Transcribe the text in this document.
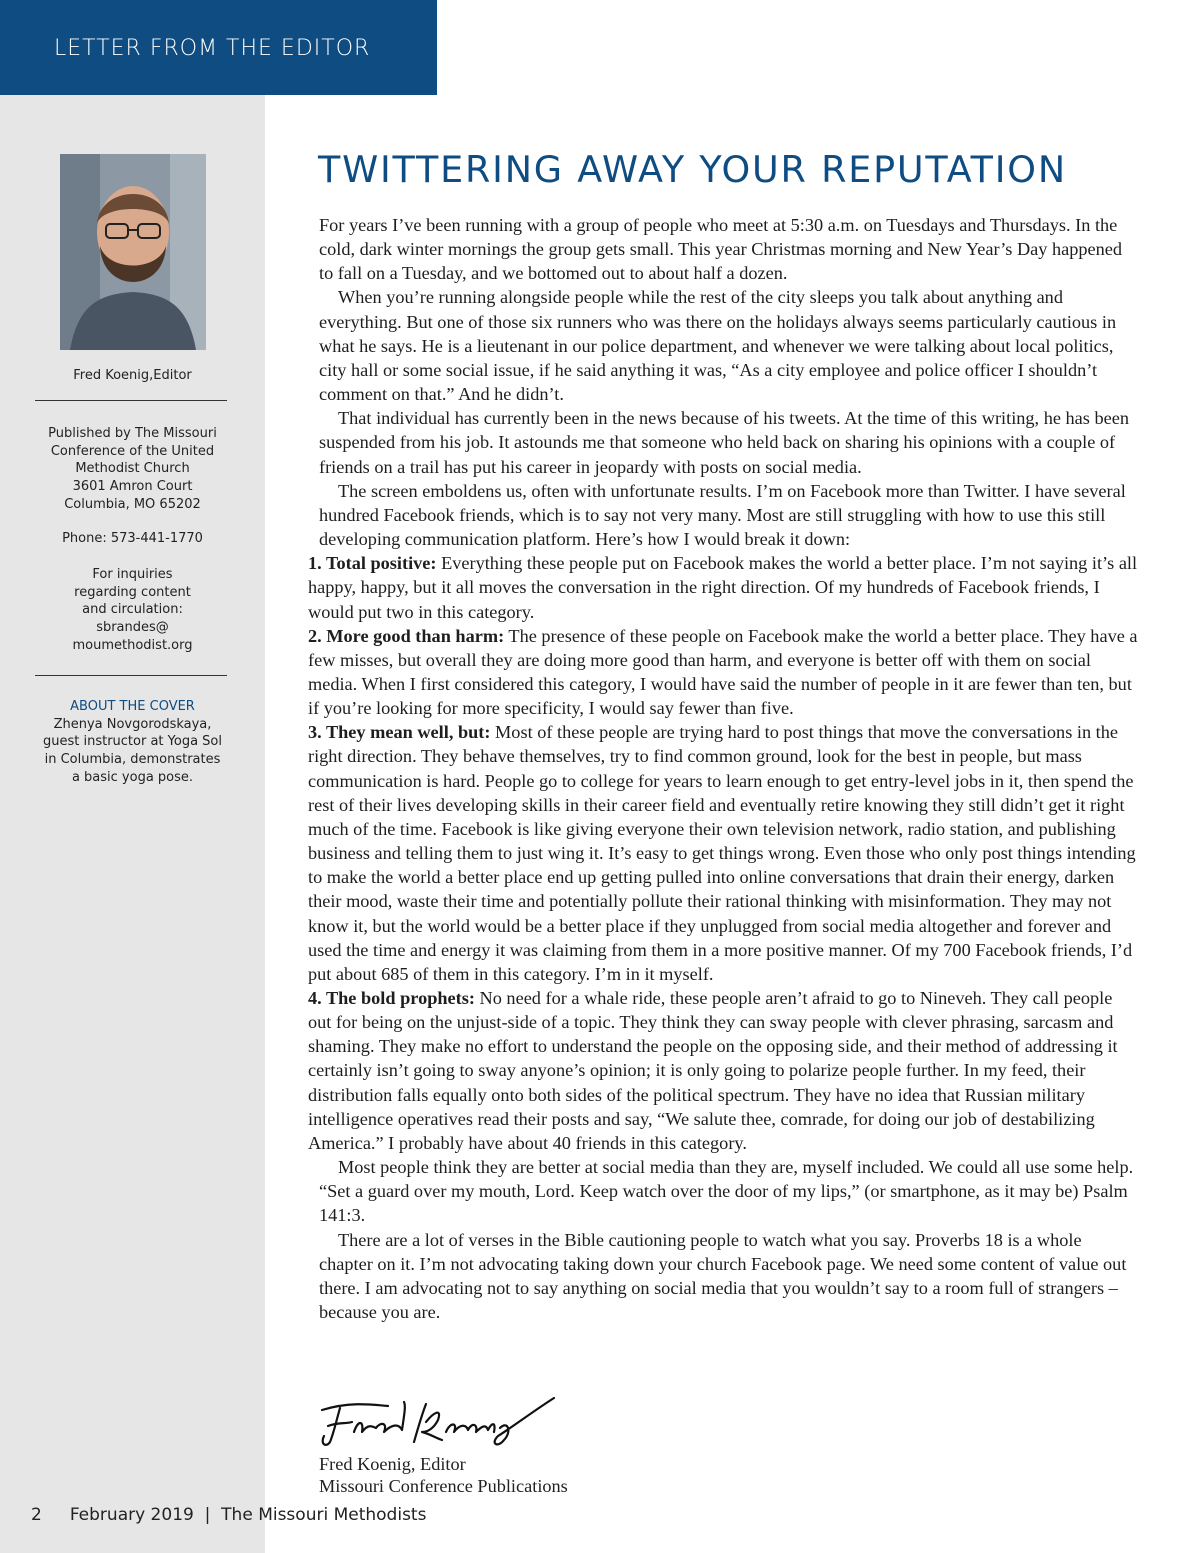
LETTER FROM THE EDITOR
Fred Koenig,Editor
Published by The Missouri
Conference of the United
Methodist Church
3601 Amron Court
Columbia, MO 65202
Phone: 573-441-1770
For inquiries
regarding content
and circulation:
sbrandes@
moumethodist.org
ABOUT THE COVER
Zhenya Novgorodskaya,
guest instructor at Yoga Sol
in Columbia, demonstrates
a basic yoga pose.
TWITTERING AWAY YOUR REPUTATION

For years I’ve been running with a group of people who meet at 5:30 a.m. on Tuesdays and Thursdays. In the cold, dark winter mornings the group gets small. This year Christmas morning and New Year’s Day happened to fall on a Tuesday, and we bottomed out to about half a dozen.

When you’re running alongside people while the rest of the city sleeps you talk about anything and everything. But one of those six runners who was there on the holidays always seems particularly cautious in what he says. He is a lieutenant in our police department, and whenever we were talking about local politics, city hall or some social issue, if he said anything it was, “As a city employee and police officer I shouldn’t comment on that.” And he didn’t.

That individual has currently been in the news because of his tweets. At the time of this writing, he has been suspended from his job. It astounds me that someone who held back on sharing his opinions with a couple of friends on a trail has put his career in jeopardy with posts on social media.

The screen emboldens us, often with unfortunate results. I’m on Facebook more than Twitter. I have several hundred Facebook friends, which is to say not very many. Most are still struggling with how to use this still developing communication platform. Here’s how I would break it down:

1. Total positive: Everything these people put on Facebook makes the world a better place. I’m not saying it’s all happy, happy, but it all moves the conversation in the right direction. Of my hundreds of Facebook friends, I would put two in this category.

2. More good than harm: The presence of these people on Facebook make the world a better place. They have a few misses, but overall they are doing more good than harm, and everyone is better off with them on social media. When I first considered this category, I would have said the number of people in it are fewer than ten, but if you’re looking for more specificity, I would say fewer than five.

3. They mean well, but: Most of these people are trying hard to post things that move the conversations in the right direction. They behave themselves, try to find common ground, look for the best in people, but mass communication is hard. People go to college for years to learn enough to get entry-level jobs in it, then spend the rest of their lives developing skills in their career field and eventually retire knowing they still didn’t get it right much of the time. Facebook is like giving everyone their own television network, radio station, and publishing business and telling them to just wing it. It’s easy to get things wrong. Even those who only post things intending to make the world a better place end up getting pulled into online conversations that drain their energy, darken their mood, waste their time and potentially pollute their rational thinking with misinformation. They may not know it, but the world would be a better place if they unplugged from social media altogether and forever and used the time and energy it was claiming from them in a more positive manner. Of my 700 Facebook friends, I’d put about 685 of them in this category. I’m in it myself.

4. The bold prophets: No need for a whale ride, these people aren’t afraid to go to Nineveh. They call people out for being on the unjust-side of a topic. They think they can sway people with clever phrasing, sarcasm and shaming. They make no effort to understand the people on the opposing side, and their method of addressing it certainly isn’t going to sway anyone’s opinion; it is only going to polarize people further. In my feed, their distribution falls equally onto both sides of the political spectrum. They have no idea that Russian military intelligence operatives read their posts and say, “We salute thee, comrade, for doing our job of destabilizing America.” I probably have about 40 friends in this category.

Most people think they are better at social media than they are, myself included. We could all use some help. “Set a guard over my mouth, Lord. Keep watch over the door of my lips,” (or smartphone, as it may be) Psalm 141:3.

There are a lot of verses in the Bible cautioning people to watch what you say. Proverbs 18 is a whole chapter on it. I’m not advocating taking down your church Facebook page. We need some content of value out there. I am advocating not to say anything on social media that you wouldn’t say to a room full of strangers – because you are.

Fred Koenig, Editor
Missouri Conference Publications
2 February 2019  |  The Missouri Methodists
